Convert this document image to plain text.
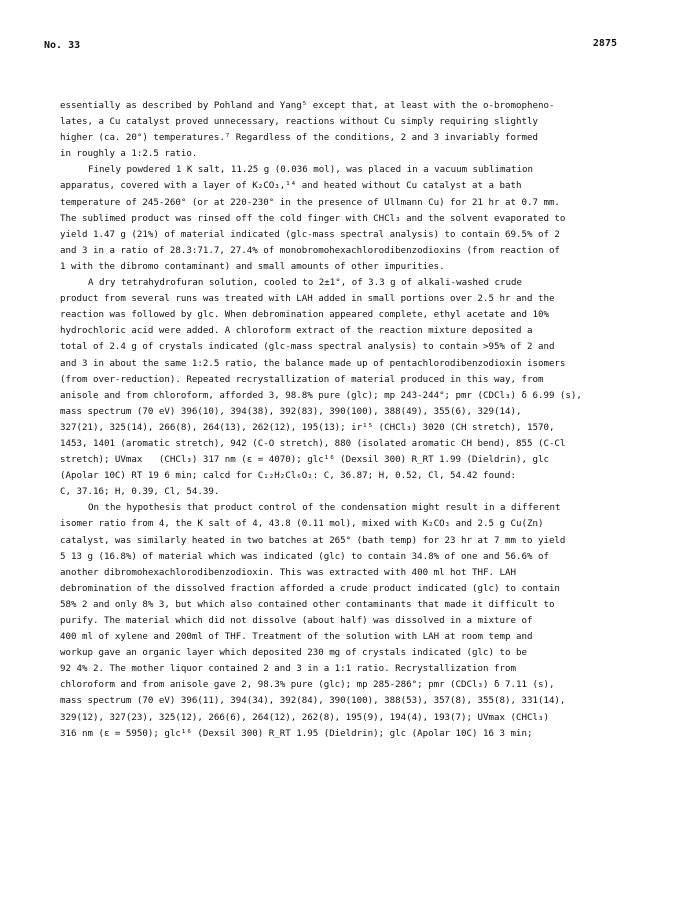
No. 33	2875
essentially as described by Pohland and Yang⁵ except that, at least with the o-bromopheno-
lates, a Cu catalyst proved unnecessary, reactions without Cu simply requiring slightly
higher (ca. 20°) temperatures.⁷ Regardless of the conditions, 2 and 3 invariably formed
in roughly a 1:2.5 ratio.
Finely powdered 1 K salt, 11.25 g (0.036 mol), was placed in a vacuum sublimation
apparatus, covered with a layer of K₂CO₃,¹⁴ and heated without Cu catalyst at a bath
temperature of 245-260° (or at 220-230° in the presence of Ullmann Cu) for 21 hr at 0.7 mm.
The sublimed product was rinsed off the cold finger with CHCl₃ and the solvent evaporated to
yield 1.47 g (21%) of material indicated (glc-mass spectral analysis) to contain 69.5% of 2
and 3 in a ratio of 28.3:71.7, 27.4% of monobromohexachlorodibenzodioxins (from reaction of
1 with the dibromo contaminant) and small amounts of other impurities.
A dry tetrahydrofuran solution, cooled to 2±1°, of 3.3 g of alkali-washed crude
product from several runs was treated with LAH added in small portions over 2.5 hr and the
reaction was followed by glc. When debromination appeared complete, ethyl acetate and 10%
hydrochloric acid were added. A chloroform extract of the reaction mixture deposited a
total of 2.4 g of crystals indicated (glc-mass spectral analysis) to contain >95% of 2 and
and 3 in about the same 1:2.5 ratio, the balance made up of pentachlorodibenzodioxin isomers
(from over-reduction). Repeated recrystallization of material produced in this way, from
anisole and from chloroform, afforded 3, 98.8% pure (glc); mp 243-244°; pmr (CDCl₃) δ 6.99 (s),
mass spectrum (70 eV) 396(10), 394(38), 392(83), 390(100), 388(49), 355(6), 329(14),
327(21), 325(14), 266(8), 264(13), 262(12), 195(13); ir¹⁵ (CHCl₃) 3020 (CH stretch), 1570,
1453, 1401 (aromatic stretch), 942 (C-O stretch), 880 (isolated aromatic CH bend), 855 (C-Cl
stretch); UVmax   (CHCl₃) 317 nm (ε = 4070); glc¹⁶ (Dexsil 300) R_RT 1.99 (Dieldrin), glc
(Apolar 10C) RT 19 6 min; calcd for C₁₂H₂Cl₆O₂: C, 36.87; H, 0.52, Cl, 54.42 found:
C, 37.16; H, 0.39, Cl, 54.39.
On the hypothesis that product control of the condensation might result in a different
isomer ratio from 4, the K salt of 4, 43.8 (0.11 mol), mixed with K₂CO₃ and 2.5 g Cu(Zn)
catalyst, was similarly heated in two batches at 265° (bath temp) for 23 hr at 7 mm to yield
5 13 g (16.8%) of material which was indicated (glc) to contain 34.8% of one and 56.6% of
another dibromohexachlorodibenzodioxin. This was extracted with 400 ml hot THF. LAH
debromination of the dissolved fraction afforded a crude product indicated (glc) to contain
58% 2 and only 8% 3, but which also contained other contaminants that made it difficult to
purify. The material which did not dissolve (about half) was dissolved in a mixture of
400 ml of xylene and 200ml of THF. Treatment of the solution with LAH at room temp and
workup gave an organic layer which deposited 230 mg of crystals indicated (glc) to be
92 4% 2. The mother liquor contained 2 and 3 in a 1:1 ratio. Recrystallization from
chloroform and from anisole gave 2, 98.3% pure (glc); mp 285-286°; pmr (CDCl₃) δ 7.11 (s),
mass spectrum (70 eV) 396(11), 394(34), 392(84), 390(100), 388(53), 357(8), 355(8), 331(14),
329(12), 327(23), 325(12), 266(6), 264(12), 262(8), 195(9), 194(4), 193(7); UVmax (CHCl₃)
316 nm (ε = 5950); glc¹⁶ (Dexsil 300) R_RT 1.95 (Dieldrin); glc (Apolar 10C) 16 3 min;
